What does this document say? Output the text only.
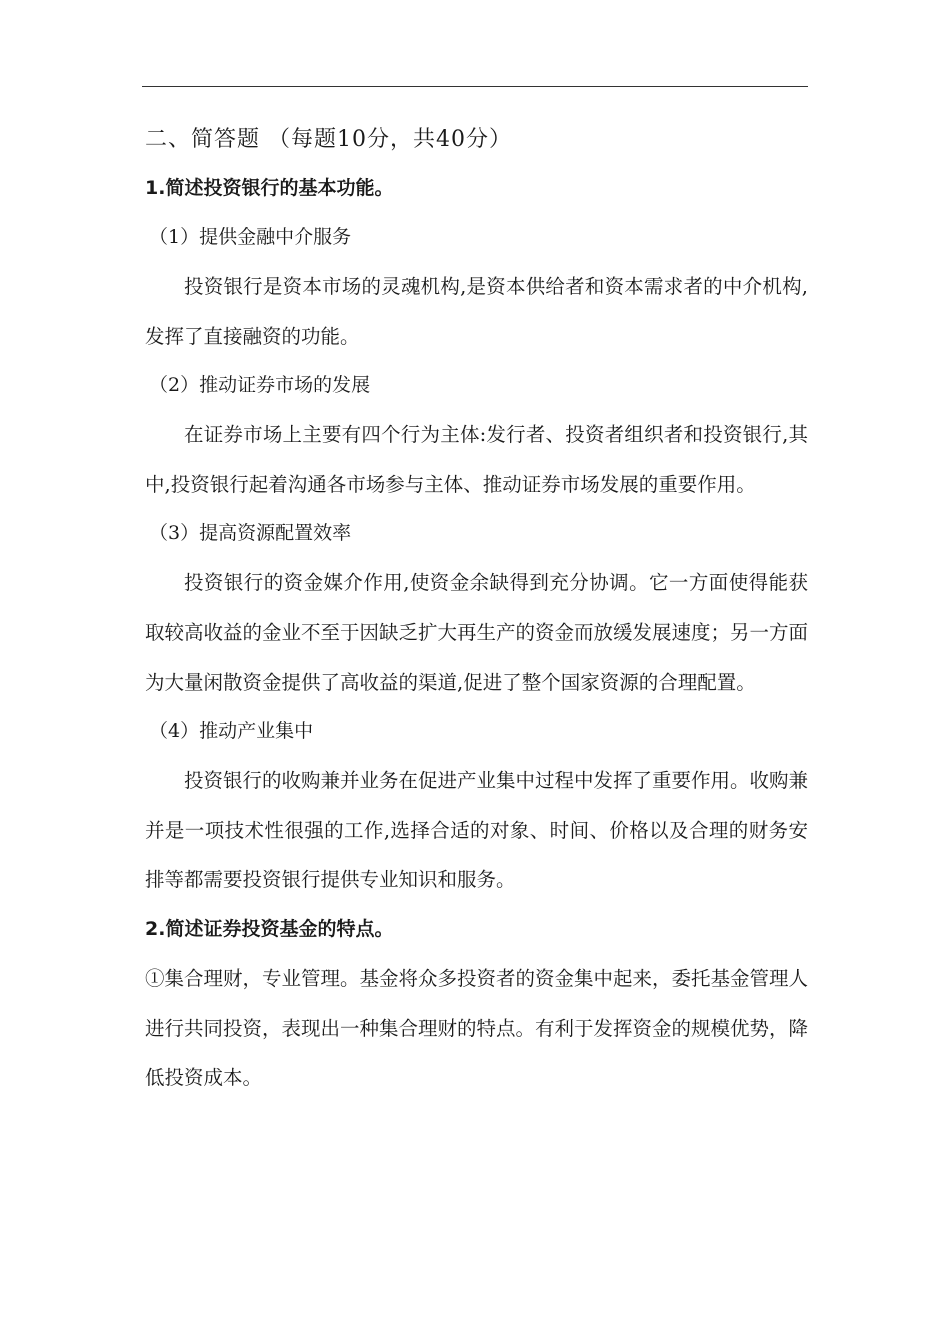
二、简答题 （每题10分，共40分）
1.简述投资银行的基本功能。
（1）提供金融中介服务

投资银行是资本市场的灵魂机构,是资本供给者和资本需求者的中介机构,发挥了直接融资的功能。

（2）推动证券市场的发展

在证券市场上主要有四个行为主体:发行者、投资者组织者和投资银行,其中,投资银行起着沟通各市场参与主体、推动证券市场发展的重要作用。

（3）提高资源配置效率

投资银行的资金媒介作用,使资金余缺得到充分协调。它一方面使得能获取较高收益的金业不至于因缺乏扩大再生产的资金而放缓发展速度；另一方面为大量闲散资金提供了高收益的渠道,促进了整个国家资源的合理配置。

（4）推动产业集中

投资银行的收购兼并业务在促进产业集中过程中发挥了重要作用。收购兼并是一项技术性很强的工作,选择合适的对象、时间、价格以及合理的财务安排等都需要投资银行提供专业知识和服务。

2.简述证券投资基金的特点。

①集合理财，专业管理。基金将众多投资者的资金集中起来，委托基金管理人进行共同投资，表现出一种集合理财的特点。有利于发挥资金的规模优势，降低投资成本。
